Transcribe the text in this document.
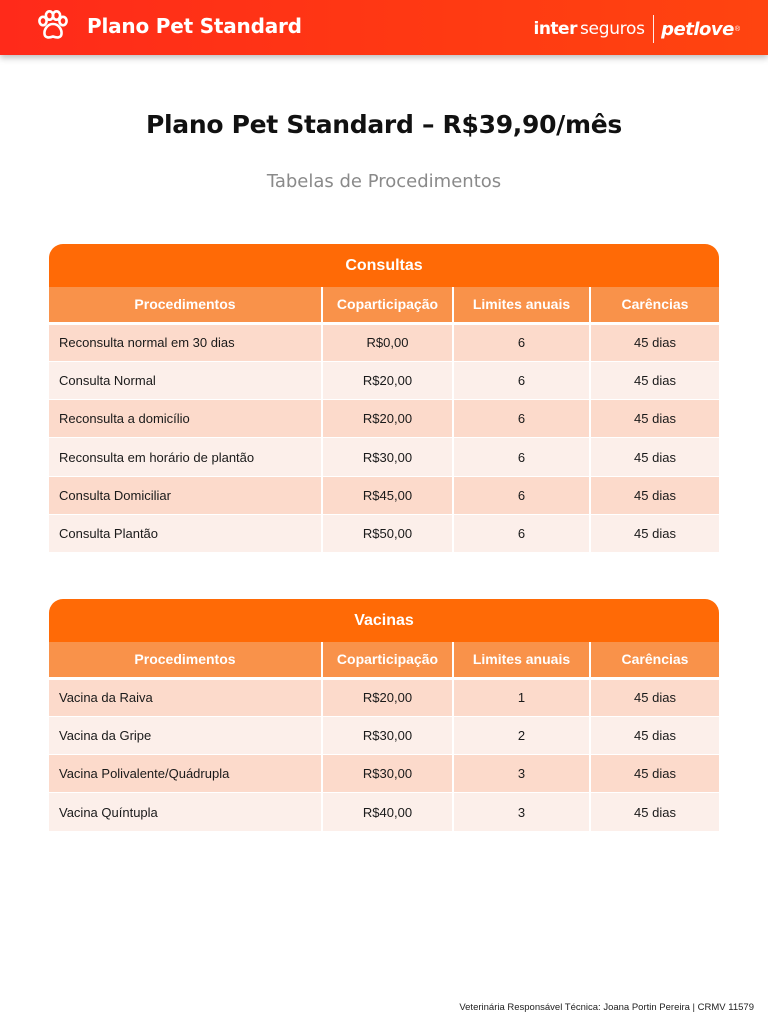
Plano Pet Standard	inter seguros petlove ®
Plano Pet Standard – R$39,90/mês
Tabelas de Procedimentos
Consultas
Procedimentos	Coparticipação	Limites anuais	Carências
Reconsulta normal em 30 dias	R$0,00	6	45 dias
Consulta Normal	R$20,00	6	45 dias
Reconsulta a domicílio	R$20,00	6	45 dias
Reconsulta em horário de plantão	R$30,00	6	45 dias
Consulta Domiciliar	R$45,00	6	45 dias
Consulta Plantão	R$50,00	6	45 dias
Vacinas
Procedimentos	Coparticipação	Limites anuais	Carências
Vacina da Raiva	R$20,00	1	45 dias
Vacina da Gripe	R$30,00	2	45 dias
Vacina Polivalente/Quádrupla	R$30,00	3	45 dias
Vacina Quíntupla	R$40,00	3	45 dias
Veterinária Responsável Técnica: Joana Portin Pereira | CRMV 11579
